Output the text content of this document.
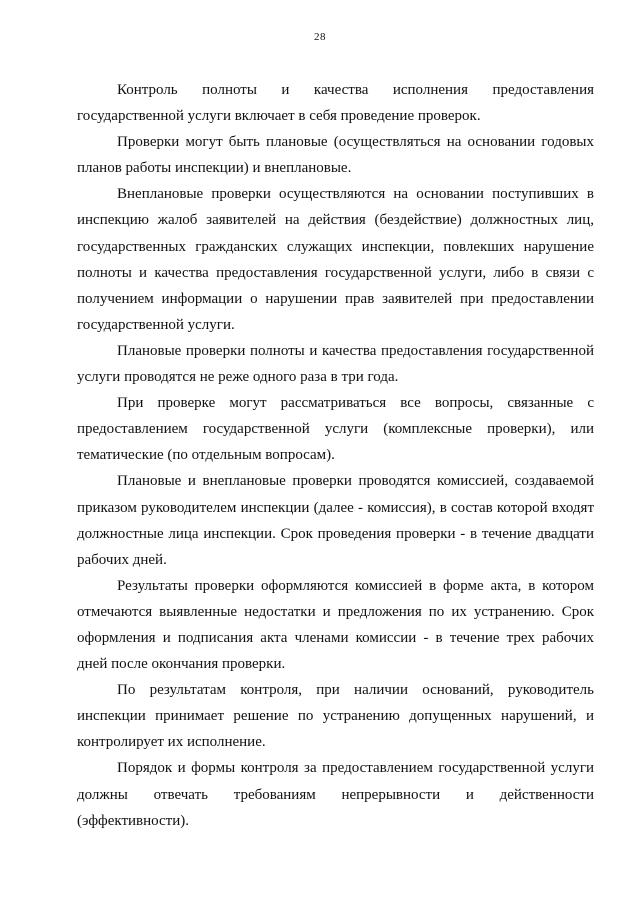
28

Контроль полноты и качества исполнения предоставления государственной услуги включает в себя проведение проверок.

Проверки могут быть плановые (осуществляться на основании годовых планов работы инспекции) и внеплановые.

Внеплановые проверки осуществляются на основании поступивших в инспекцию жалоб заявителей на действия (бездействие) должностных лиц, государственных гражданских служащих инспекции, повлекших нарушение полноты и качества предоставления государственной услуги, либо в связи с получением информации о нарушении прав заявителей при предоставлении государственной услуги.

Плановые проверки полноты и качества предоставления государственной услуги проводятся не реже одного раза в три года.

При проверке могут рассматриваться все вопросы, связанные с предоставлением государственной услуги (комплексные проверки), или тематические (по отдельным вопросам).

Плановые и внеплановые проверки проводятся комиссией, создаваемой приказом руководителем инспекции (далее - комиссия), в состав которой входят должностные лица инспекции. Срок проведения проверки - в течение двадцати рабочих дней.

Результаты проверки оформляются комиссией в форме акта, в котором отмечаются выявленные недостатки и предложения по их устранению. Срок оформления и подписания акта членами комиссии - в течение трех рабочих дней после окончания проверки.

По результатам контроля, при наличии оснований, руководитель инспекции принимает решение по устранению допущенных нарушений, и контролирует их исполнение.

Порядок и формы контроля за предоставлением государственной услуги должны отвечать требованиям непрерывности и действенности

(эффективности).
